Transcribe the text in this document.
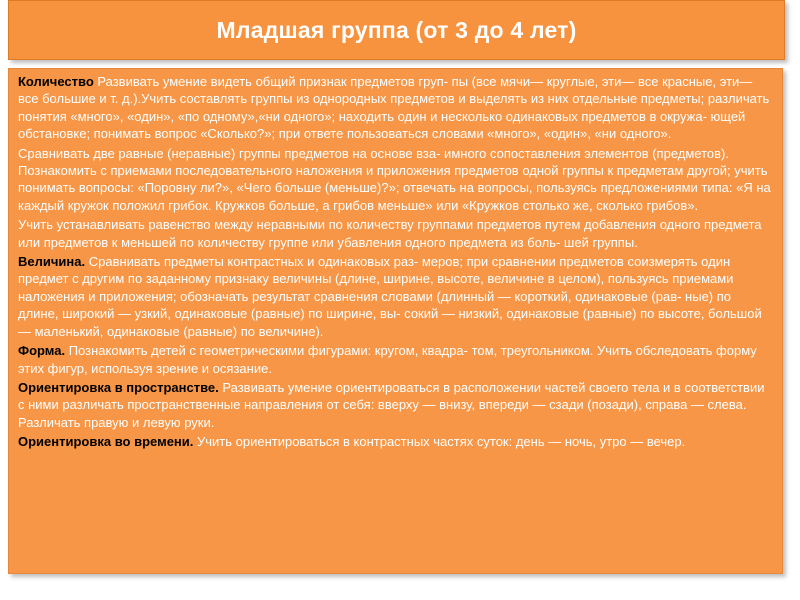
Младшая группа (от 3 до 4 лет)

Количество Развивать умение видеть общий признак предметов груп- пы (все мячи— круглые, эти— все красные, эти— все большие и т. д.).Учить составлять группы из однородных предметов и выделять из них отдельные предметы; различать понятия «много», «один», «по одному»,«ни одного»; находить один и несколько одинаковых предметов в окружа- ющей обстановке; понимать вопрос «Сколько?»; при ответе пользоваться словами «много», «один», «ни одного».

Сравнивать две равные (неравные) группы предметов на основе вза- имного сопоставления элементов (предметов). Познакомить с приемами последовательного наложения и приложения предметов одной группы к предметам другой; учить понимать вопросы: «Поровну ли?», «Чего больше (меньше)?»; отвечать на вопросы, пользуясь предложениями типа: «Я на каждый кружок положил грибок. Кружков больше, а грибов меньше» или «Кружков столько же, сколько грибов».

Учить устанавливать равенство между неравными по количеству группами предметов путем добавления одного предмета или предметов к меньшей по количеству группе или убавления одного предмета из боль- шей группы.

Величина. Сравнивать предметы контрастных и одинаковых раз- меров; при сравнении предметов соизмерять один предмет с другим по заданному признаку величины (длине, ширине, высоте, величине в целом), пользуясь приемами наложения и приложения; обозначать результат сравнения словами (длинный — короткий, одинаковые (рав- ные) по длине, широкий — узкий, одинаковые (равные) по ширине, вы- сокий — низкий, одинаковые (равные) по высоте, большой — маленький, одинаковые (равные) по величине).

Форма. Познакомить детей с геометрическими фигурами: кругом, квадра- том, треугольником. Учить обследовать форму этих фигур, используя зрение и осязание.

Ориентировка в пространстве. Развивать умение ориентироваться в расположении частей своего тела и в соответствии с ними различать пространственные направления от себя: вверху — внизу, впереди — сзади (позади), справа — слева. Различать правую и левую руки.

Ориентировка во времени. Учить ориентироваться в контрастных частях суток: день — ночь, утро — вечер.
